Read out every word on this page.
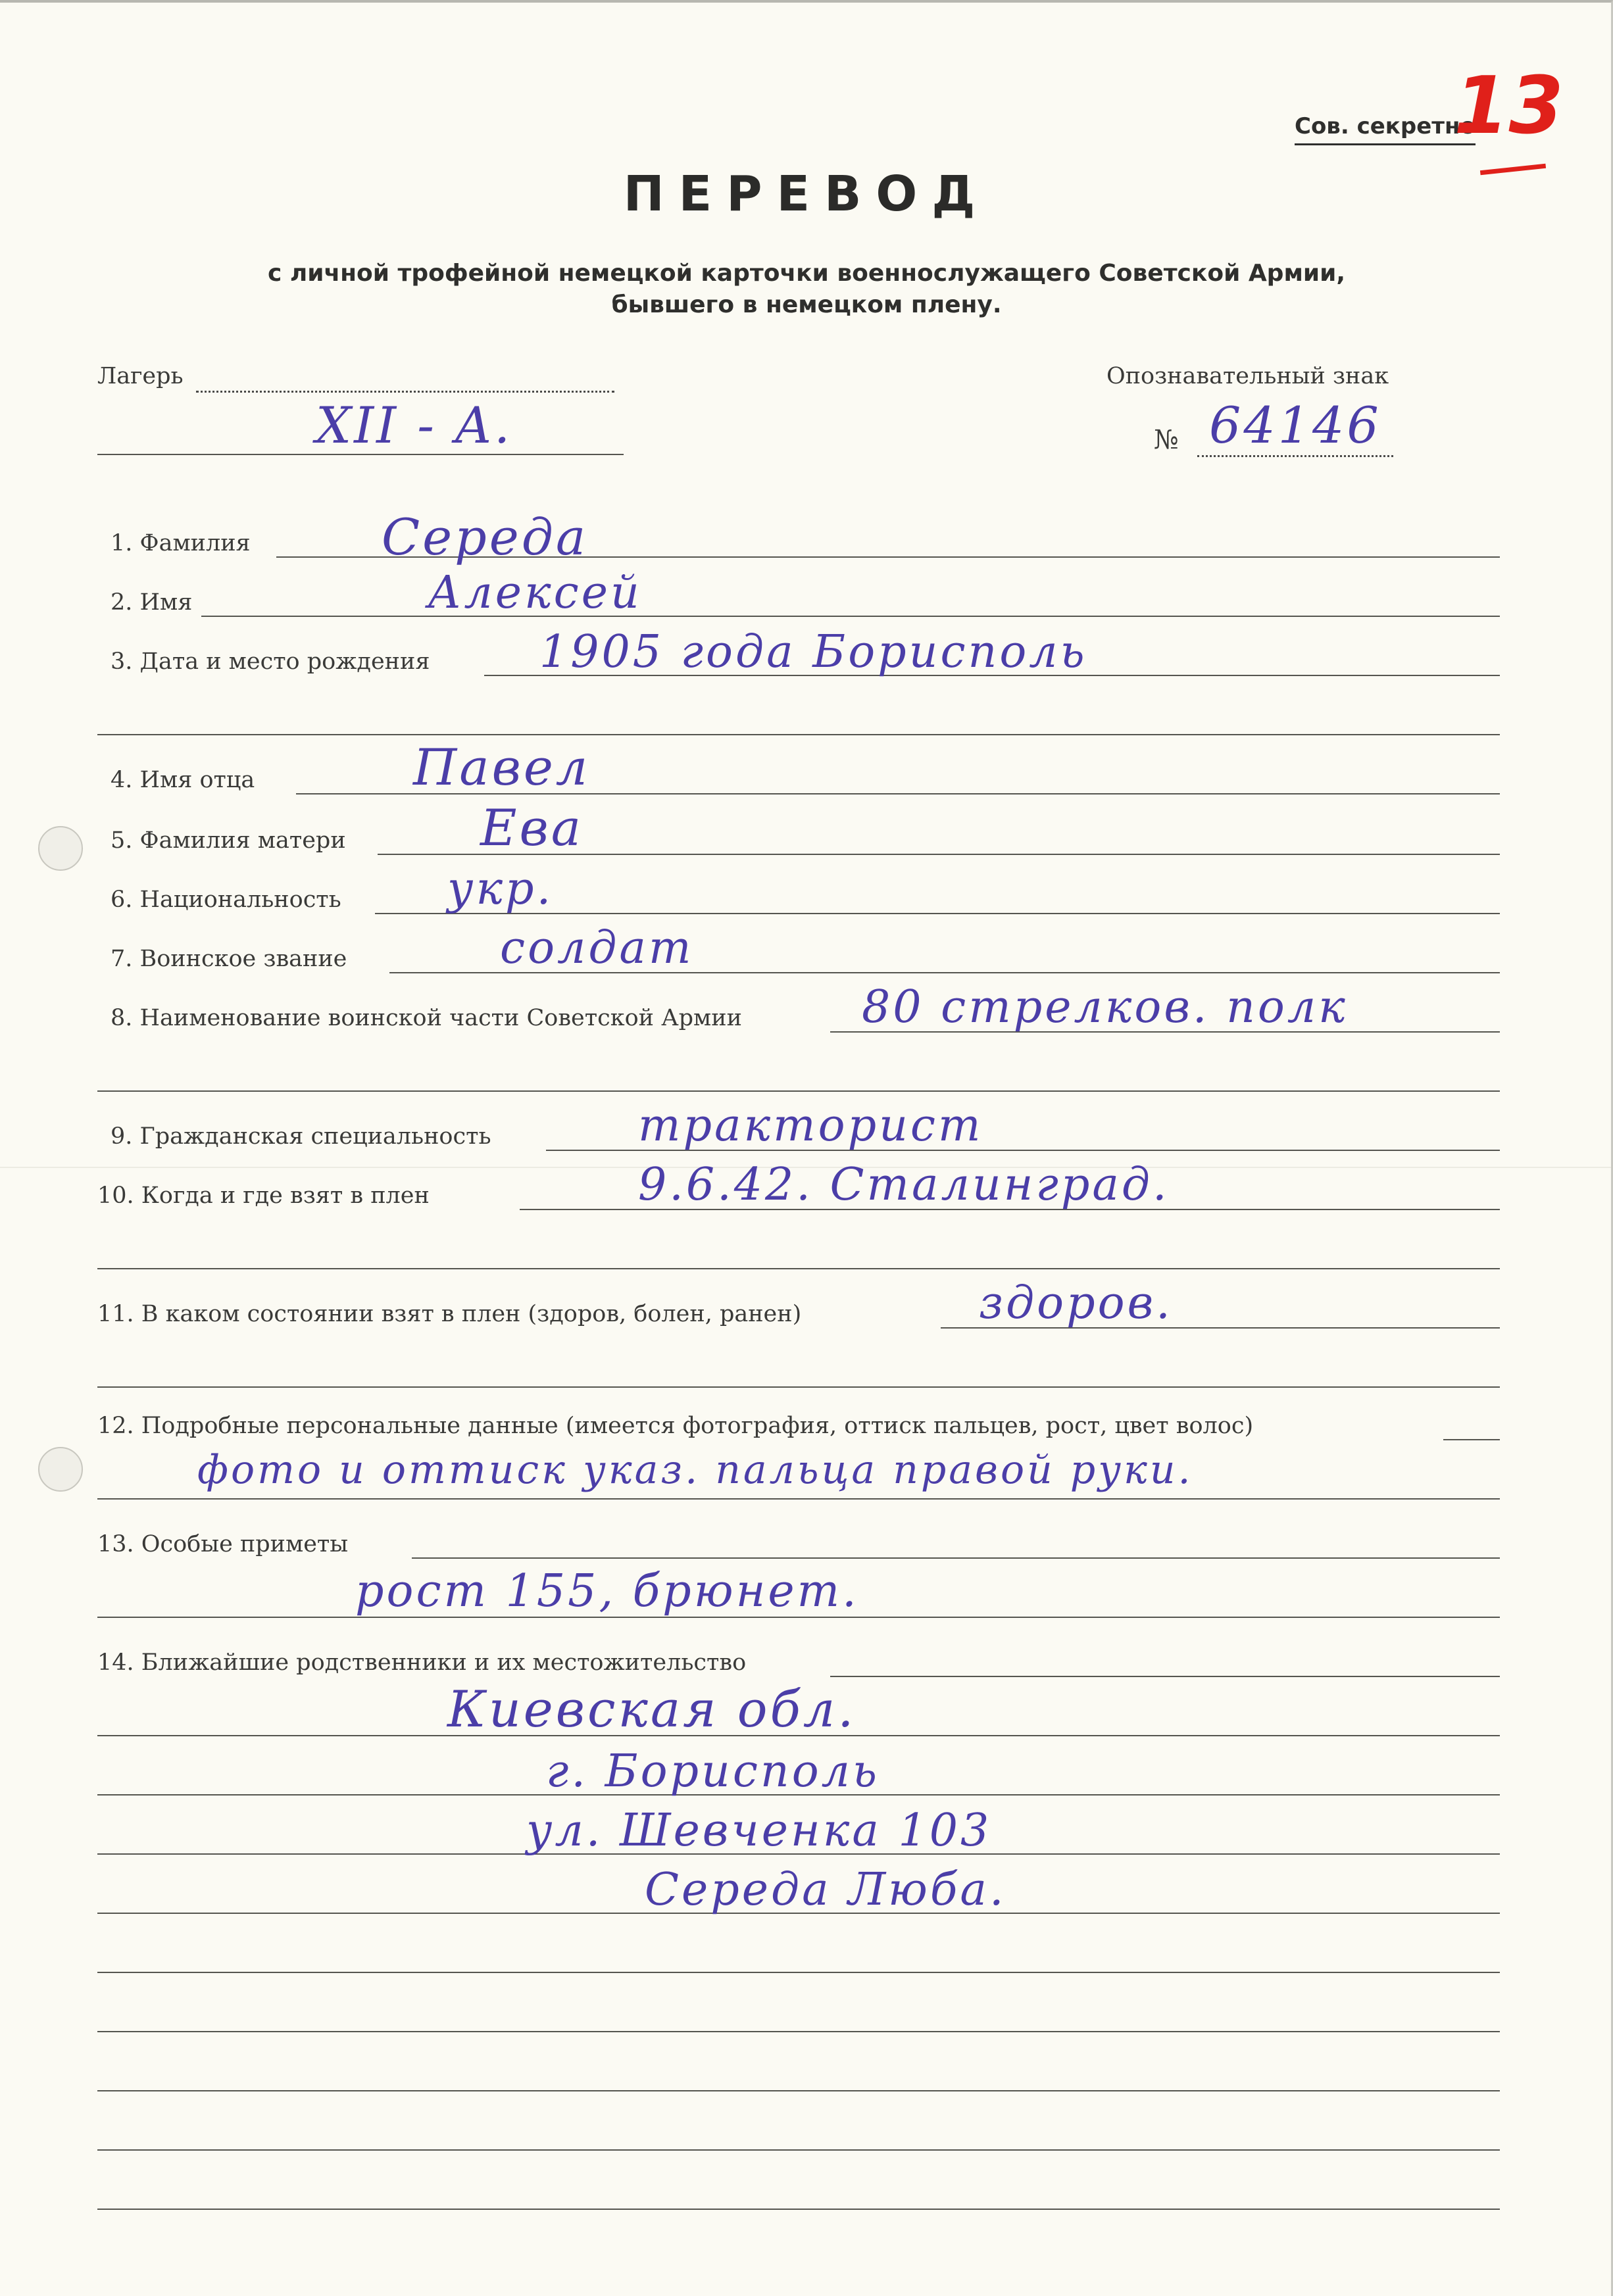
Сов. секретно
13
ПЕРЕВОД
с личной трофейной немецкой карточки военнослужащего Советской Армии,
бывшего в немецком плену.
Лагерь
XII - A.
Опознавательный знак
№ 64146
1. Фамилия	Середа
2. Имя	Алексей
3. Дата и место рождения 1905 года Борисполь
4. Имя отца	Павел
5. Фамилия матери	Ева
6. Национальность укр.
7. Воинское звание	солдат
8. Наименование воинской части Советской Армии	80 стрелков. полк
9. Гражданская специальность	тракторист
10. Когда и где взят в плен	9.6.42. Сталинград.
11. В каком состоянии взят в плен (здоров, болен, ранен)	здоров.
12. Подробные персональные данные (имеется фотография, оттиск пальцев, рост, цвет волос)
фото и оттиск указ. пальца правой руки.
13. Особые приметы
рост 155, брюнет.
14. Ближайшие родственники и их местожительство
Киевская обл.
г. Борисполь
ул. Шевченка 103
Середа Люба.
